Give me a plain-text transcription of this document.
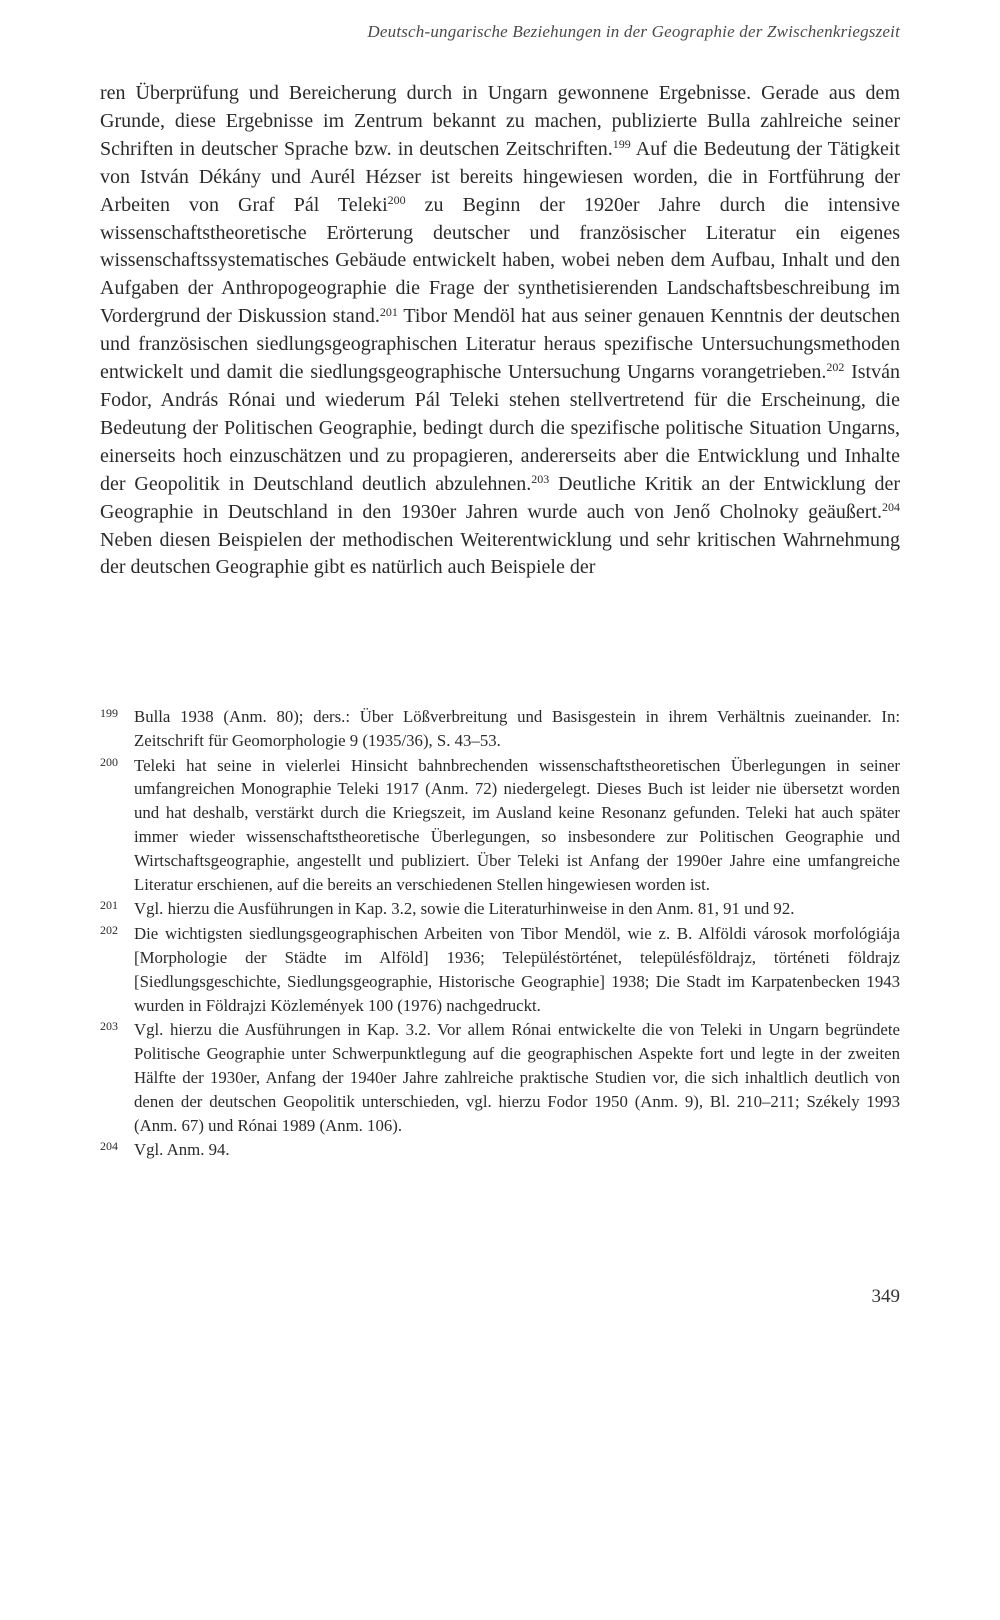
Deutsch-ungarische Beziehungen in der Geographie der Zwischenkriegszeit

ren Überprüfung und Bereicherung durch in Ungarn gewonnene Ergebnisse. Gerade aus dem Grunde, diese Ergebnisse im Zentrum bekannt zu machen, publizierte Bulla zahlreiche seiner Schriften in deutscher Sprache bzw. in deutschen Zeitschriften.$^{199}$ Auf die Bedeutung der Tätigkeit von István Dékány und Aurél Hézser ist bereits hingewiesen worden, die in Fortführung der Arbeiten von Graf Pál Teleki$^{200}$ zu Beginn der 1920er Jahre durch die intensive wissenschaftstheoretische Erörterung deutscher und französischer Literatur ein eigenes wissenschaftssystematisches Gebäude entwickelt haben, wobei neben dem Aufbau, Inhalt und den Aufgaben der Anthropogeographie die Frage der synthetisierenden Landschaftsbeschreibung im Vordergrund der Diskussion stand.$^{201}$ Tibor Mendöl hat aus seiner genauen Kenntnis der deutschen und französischen siedlungsgeographischen Literatur heraus spezifische Untersuchungsmethoden entwickelt und damit die siedlungsgeographische Untersuchung Ungarns vorangetrieben.$^{202}$ István Fodor, András Rónai und wiederum Pál Teleki stehen stellvertretend für die Erscheinung, die Bedeutung der Politischen Geographie, bedingt durch die spezifische politische Situation Ungarns, einerseits hoch einzuschätzen und zu propagieren, andererseits aber die Entwicklung und Inhalte der Geopolitik in Deutschland deutlich abzulehnen.$^{203}$ Deutliche Kritik an der Entwicklung der Geographie in Deutschland in den 1930er Jahren wurde auch von Jenő Cholnoky geäußert.$^{204}$ Neben diesen Beispielen der methodischen Weiterentwicklung und sehr kritischen Wahrnehmung der deutschen Geographie gibt es natürlich auch Beispiele der

199 Bulla 1938 (Anm. 80); ders.: Über Lößverbreitung und Basisgestein in ihrem Verhältnis zueinander. In: Zeitschrift für Geomorphologie 9 (1935/36), S. 43–53.
200 Teleki hat seine in vielerlei Hinsicht bahnbrechenden wissenschaftstheoretischen Überlegungen in seiner umfangreichen Monographie Teleki 1917 (Anm. 72) niedergelegt. Dieses Buch ist leider nie übersetzt worden und hat deshalb, verstärkt durch die Kriegszeit, im Ausland keine Resonanz gefunden. Teleki hat auch später immer wieder wissenschaftstheoretische Überlegungen, so insbesondere zur Politischen Geographie und Wirtschaftsgeographie, angestellt und publiziert. Über Teleki ist Anfang der 1990er Jahre eine umfangreiche Literatur erschienen, auf die bereits an verschiedenen Stellen hingewiesen worden ist.
201 Vgl. hierzu die Ausführungen in Kap. 3.2, sowie die Literaturhinweise in den Anm. 81, 91 und 92.
202 Die wichtigsten siedlungsgeographischen Arbeiten von Tibor Mendöl, wie z. B. Alföldi városok morfológiája [Morphologie der Städte im Alföld] 1936; Településtörténet, településföldrajz, történeti földrajz [Siedlungsgeschichte, Siedlungsgeographie, Historische Geographie] 1938; Die Stadt im Karpatenbecken 1943 wurden in Földrajzi Közlemények 100 (1976) nachgedruckt.
203 Vgl. hierzu die Ausführungen in Kap. 3.2. Vor allem Rónai entwickelte die von Teleki in Ungarn begründete Politische Geographie unter Schwerpunktlegung auf die geographischen Aspekte fort und legte in der zweiten Hälfte der 1930er, Anfang der 1940er Jahre zahlreiche praktische Studien vor, die sich inhaltlich deutlich von denen der deutschen Geopolitik unterschieden, vgl. hierzu Fodor 1950 (Anm. 9), Bl. 210–211; Székely 1993 (Anm. 67) und Rónai 1989 (Anm. 106).
204 Vgl. Anm. 94.
349
